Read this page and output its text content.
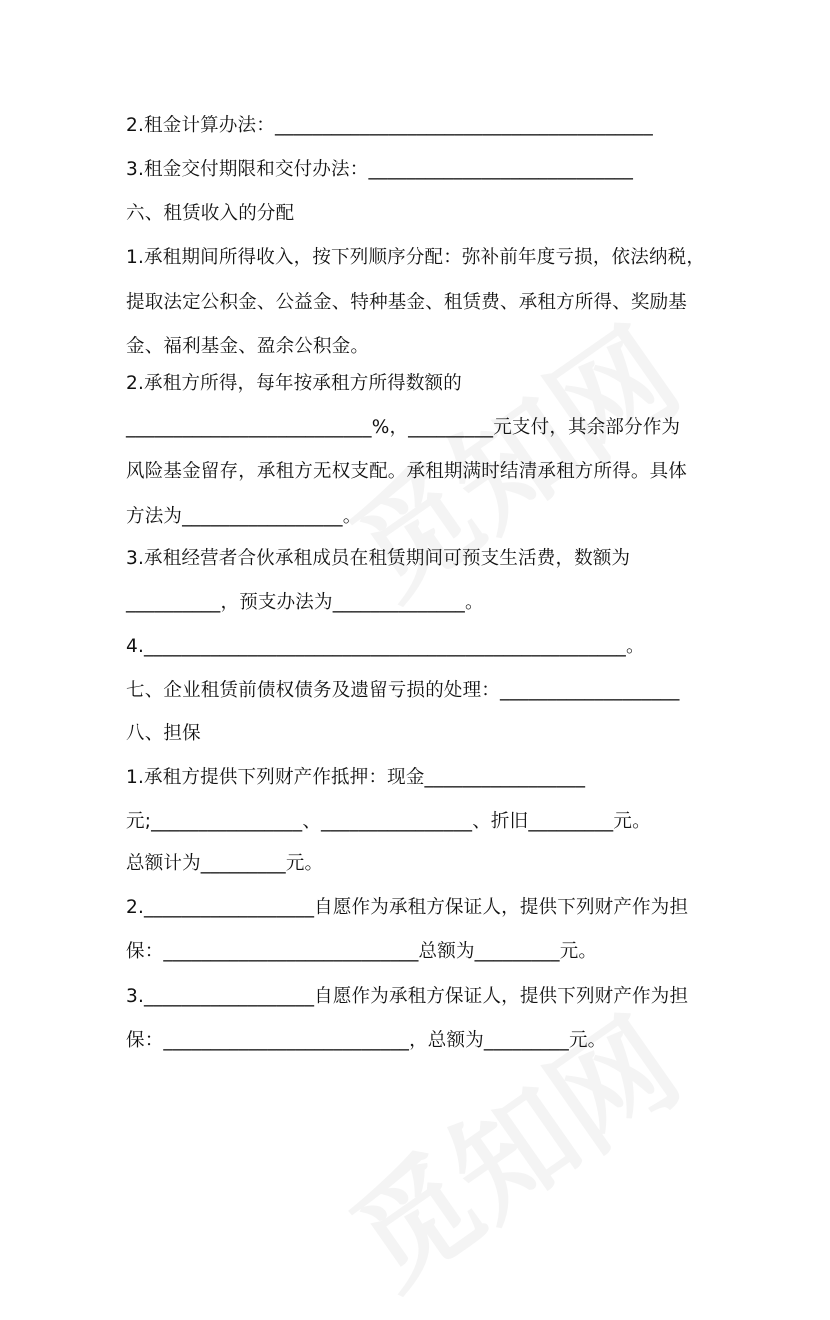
2.租金计算办法：________________________________________
3.租金交付期限和交付办法：____________________________
六、租赁收入的分配
1.承租期间所得收入，按下列顺序分配：弥补前年度亏损，依法纳税，
提取法定公积金、公益金、特种基金、租赁费、承租方所得、奖励基
金、福利基金、盈余公积金。
2.承租方所得，每年按承租方所得数额的
__________________________%，_________元支付，其余部分作为
风险基金留存，承租方无权支配。承租期满时结清承租方所得。具体
方法为_________________。
3.承租经营者合伙承租成员在租赁期间可预支生活费，数额为
__________，预支办法为______________。
4.___________________________________________________。
七、企业租赁前债权债务及遗留亏损的处理：___________________
八、担保
1.承租方提供下列财产作抵押：现金_________________
元;________________、________________、折旧_________元。
总额计为_________元。
2.__________________自愿作为承租方保证人，提供下列财产作为担
保：___________________________总额为_________元。
3.__________________自愿作为承租方保证人，提供下列财产作为担
保：__________________________，总额为_________元。
